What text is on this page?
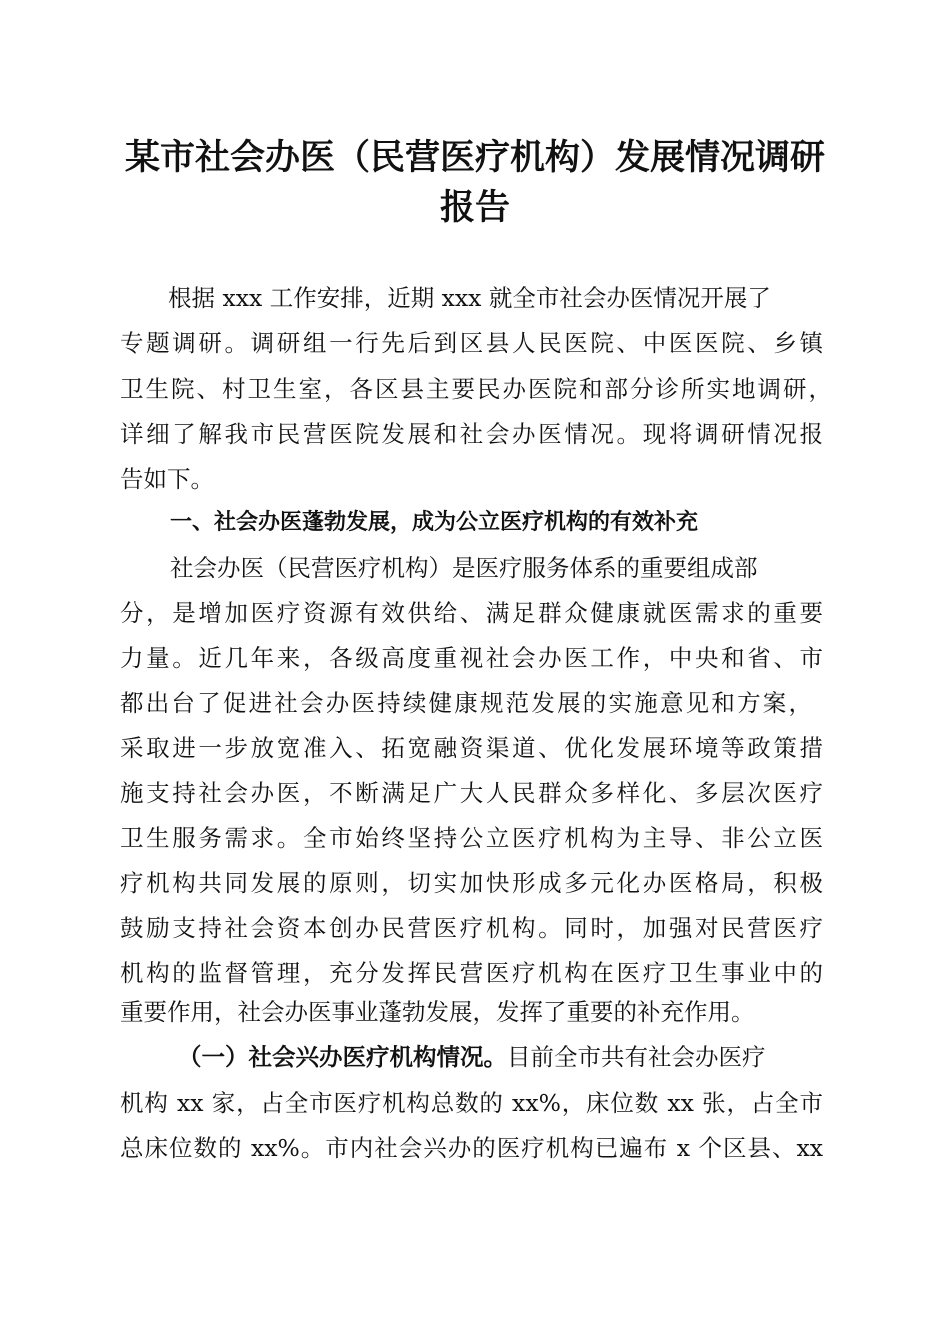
某市社会办医（民营医疗机构）发展情况调研
报告
根据 xxx 工作安排，近期 xxx 就全市社会办医情况开展了
专题调研。调研组一行先后到区县人民医院、中医医院、乡镇
卫生院、村卫生室，各区县主要民办医院和部分诊所实地调研，
详细了解我市民营医院发展和社会办医情况。现将调研情况报
告如下。
一、社会办医蓬勃发展，成为公立医疗机构的有效补充
社会办医（民营医疗机构）是医疗服务体系的重要组成部
分，是增加医疗资源有效供给、满足群众健康就医需求的重要
力量。近几年来，各级高度重视社会办医工作，中央和省、市
都出台了促进社会办医持续健康规范发展的实施意见和方案，
采取进一步放宽准入、拓宽融资渠道、优化发展环境等政策措
施支持社会办医，不断满足广大人民群众多样化、多层次医疗
卫生服务需求。全市始终坚持公立医疗机构为主导、非公立医
疗机构共同发展的原则，切实加快形成多元化办医格局，积极
鼓励支持社会资本创办民营医疗机构。同时，加强对民营医疗
机构的监督管理，充分发挥民营医疗机构在医疗卫生事业中的
重要作用，社会办医事业蓬勃发展，发挥了重要的补充作用。
（一）社会兴办医疗机构情况。目前全市共有社会办医疗
机构 xx 家，占全市医疗机构总数的 xx%，床位数 xx 张，占全市
总床位数的 xx%。市内社会兴办的医疗机构已遍布 x 个区县、xx
